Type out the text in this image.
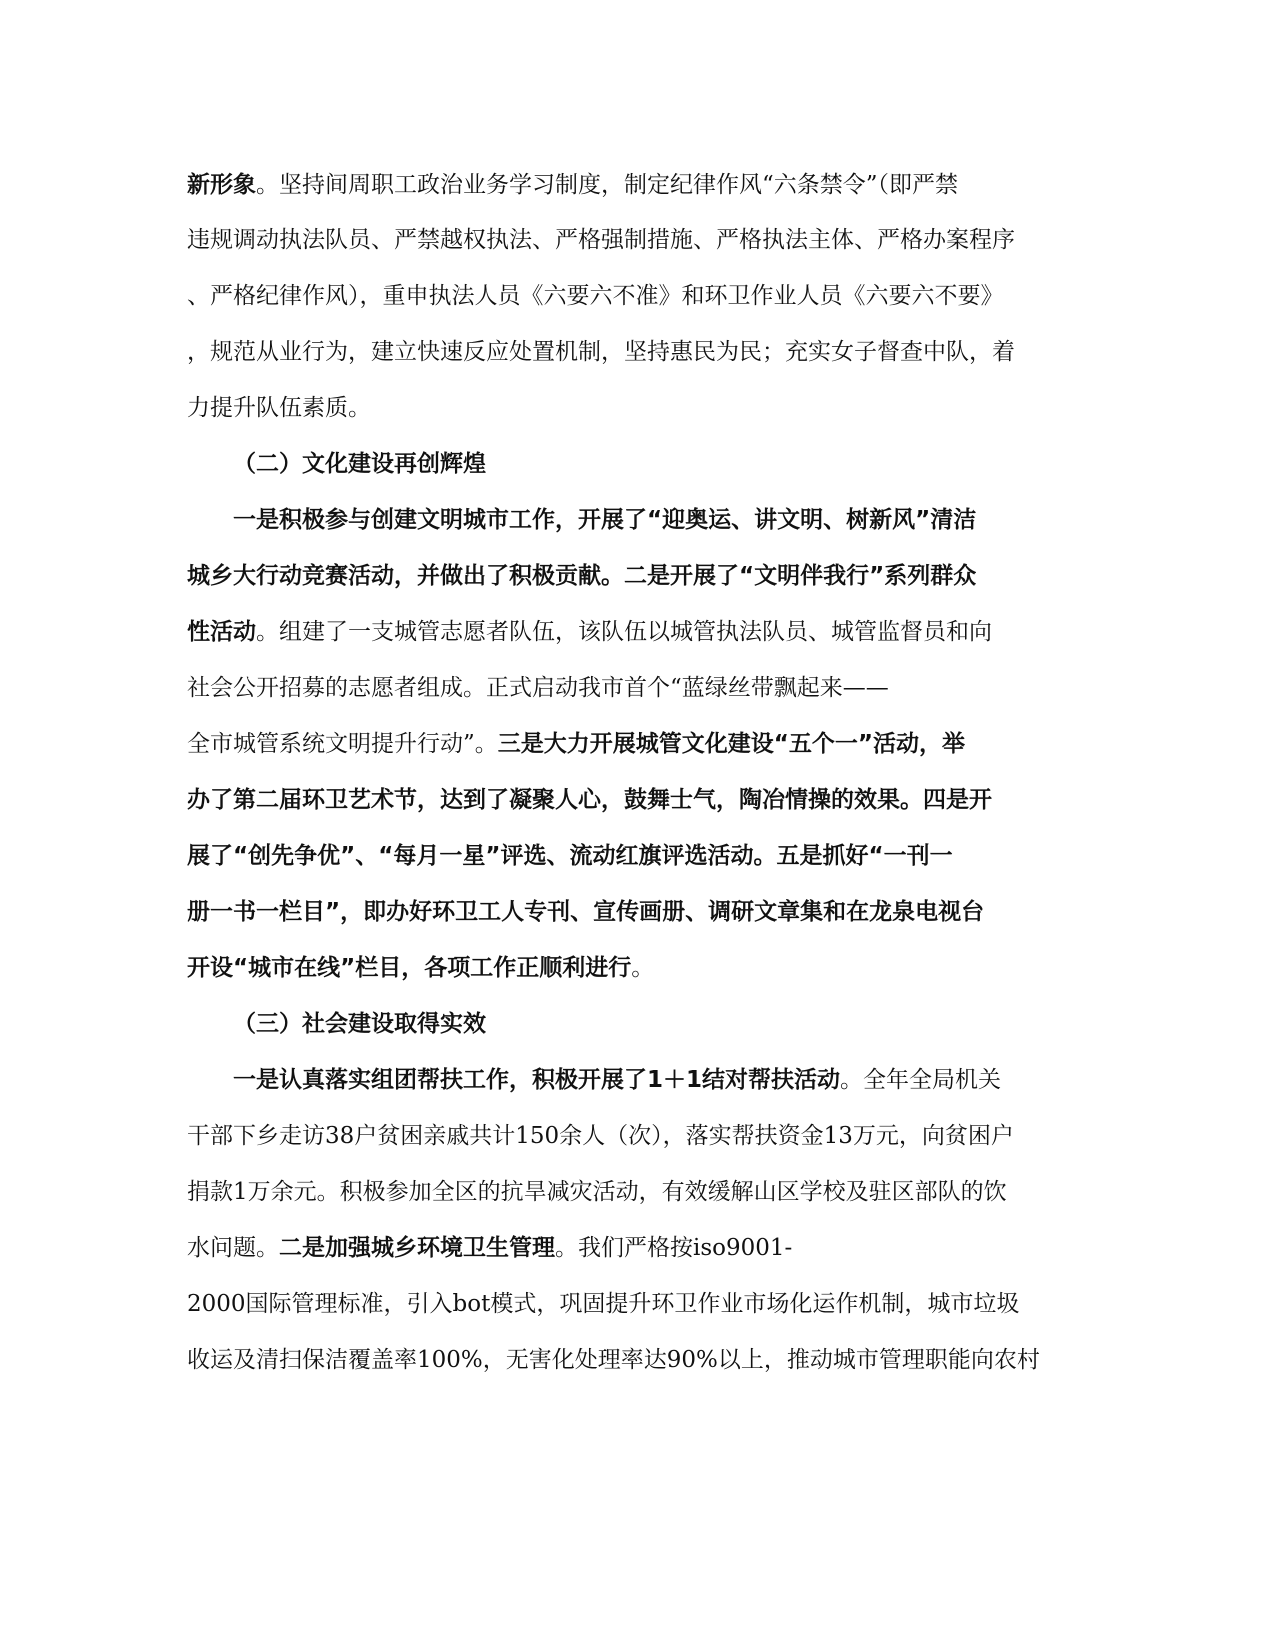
新形象。坚持间周职工政治业务学习制度，制定纪律作风“六条禁令”（即严禁
违规调动执法队员、严禁越权执法、严格强制措施、严格执法主体、严格办案程序
、严格纪律作风），重申执法人员《六要六不准》和环卫作业人员《六要六不要》
，规范从业行为，建立快速反应处置机制，坚持惠民为民；充实女子督查中队，着
力提升队伍素质。
（二）文化建设再创辉煌
一是积极参与创建文明城市工作，开展了“迎奥运、讲文明、树新风”清洁
城乡大行动竞赛活动，并做出了积极贡献。二是开展了“文明伴我行”系列群众
性活动。组建了一支城管志愿者队伍，该队伍以城管执法队员、城管监督员和向
社会公开招募的志愿者组成。正式启动我市首个“蓝绿丝带飘起来——
全市城管系统文明提升行动”。三是大力开展城管文化建设“五个一”活动，举
办了第二届环卫艺术节，达到了凝聚人心，鼓舞士气，陶冶情操的效果。四是开
展了“创先争优”、“每月一星”评选、流动红旗评选活动。五是抓好“一刊一
册一书一栏目”，即办好环卫工人专刊、宣传画册、调研文章集和在龙泉电视台
开设“城市在线”栏目，各项工作正顺利进行。
（三）社会建设取得实效
一是认真落实组团帮扶工作，积极开展了1＋1结对帮扶活动。全年全局机关
干部下乡走访38户贫困亲戚共计150余人（次），落实帮扶资金13万元，向贫困户
捐款1万余元。积极参加全区的抗旱减灾活动，有效缓解山区学校及驻区部队的饮
水问题。二是加强城乡环境卫生管理。我们严格按iso9001-
2000国际管理标准，引入bot模式，巩固提升环卫作业市场化运作机制，城市垃圾
收运及清扫保洁覆盖率100%，无害化处理率达90%以上，推动城市管理职能向农村
